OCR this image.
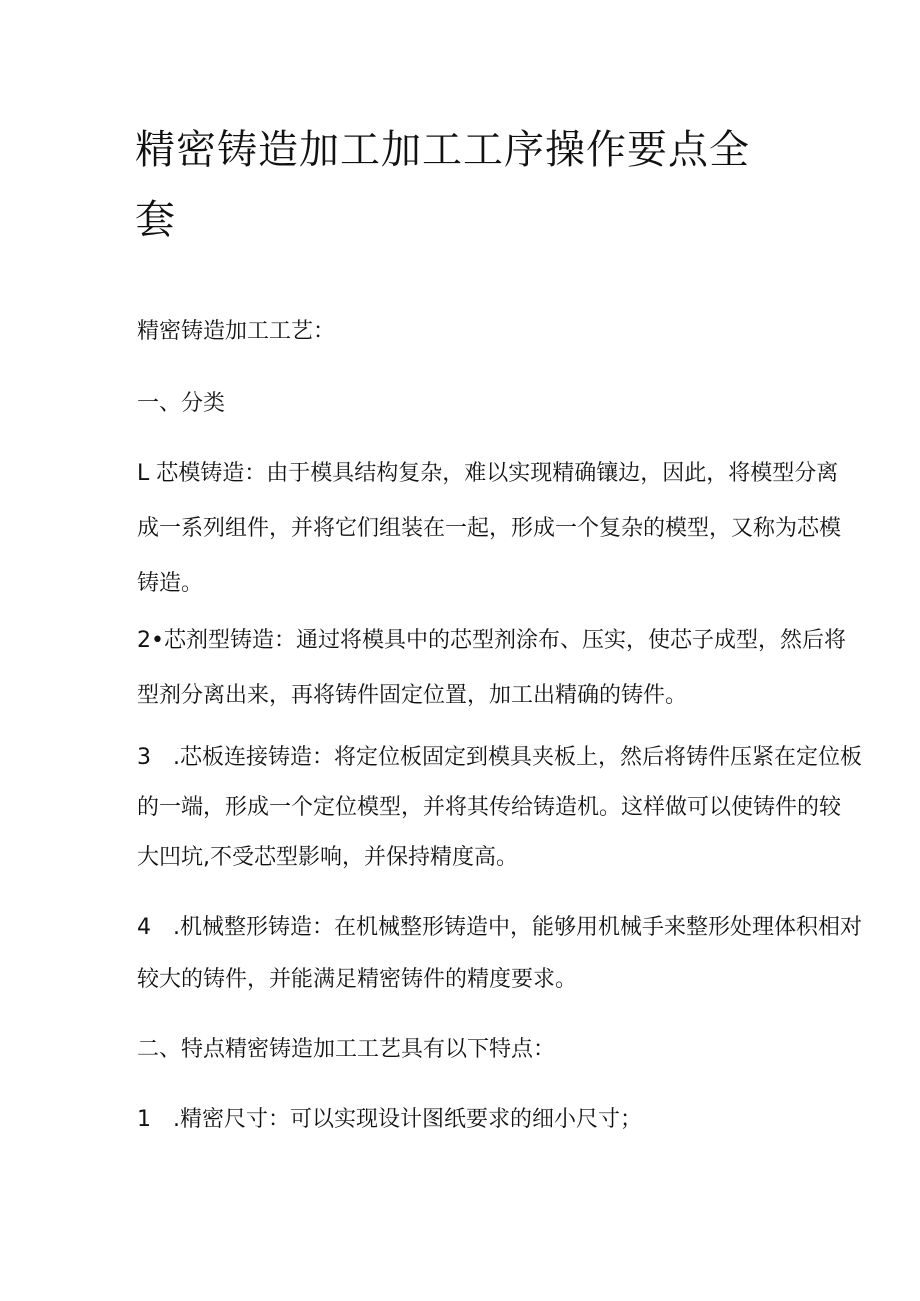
精密铸造加工加工工序操作要点全
套
精密铸造加工工艺：
一、分类
L 芯模铸造：由于模具结构复杂，难以实现精确镶边，因此，将模型分离
成一系列组件，并将它们组装在一起，形成一个复杂的模型，又称为芯模
铸造。
2•芯剂型铸造：通过将模具中的芯型剂涂布、压实，使芯子成型，然后将
型剂分离出来，再将铸件固定位置，加工出精确的铸件。
3　.芯板连接铸造：将定位板固定到模具夹板上，然后将铸件压紧在定位板
的一端，形成一个定位模型，并将其传给铸造机。这样做可以使铸件的较
大凹坑,不受芯型影响，并保持精度高。
4　.机械整形铸造：在机械整形铸造中，能够用机械手来整形处理体积相对
较大的铸件，并能满足精密铸件的精度要求。
二、特点精密铸造加工工艺具有以下特点：
1　.精密尺寸：可以实现设计图纸要求的细小尺寸；
